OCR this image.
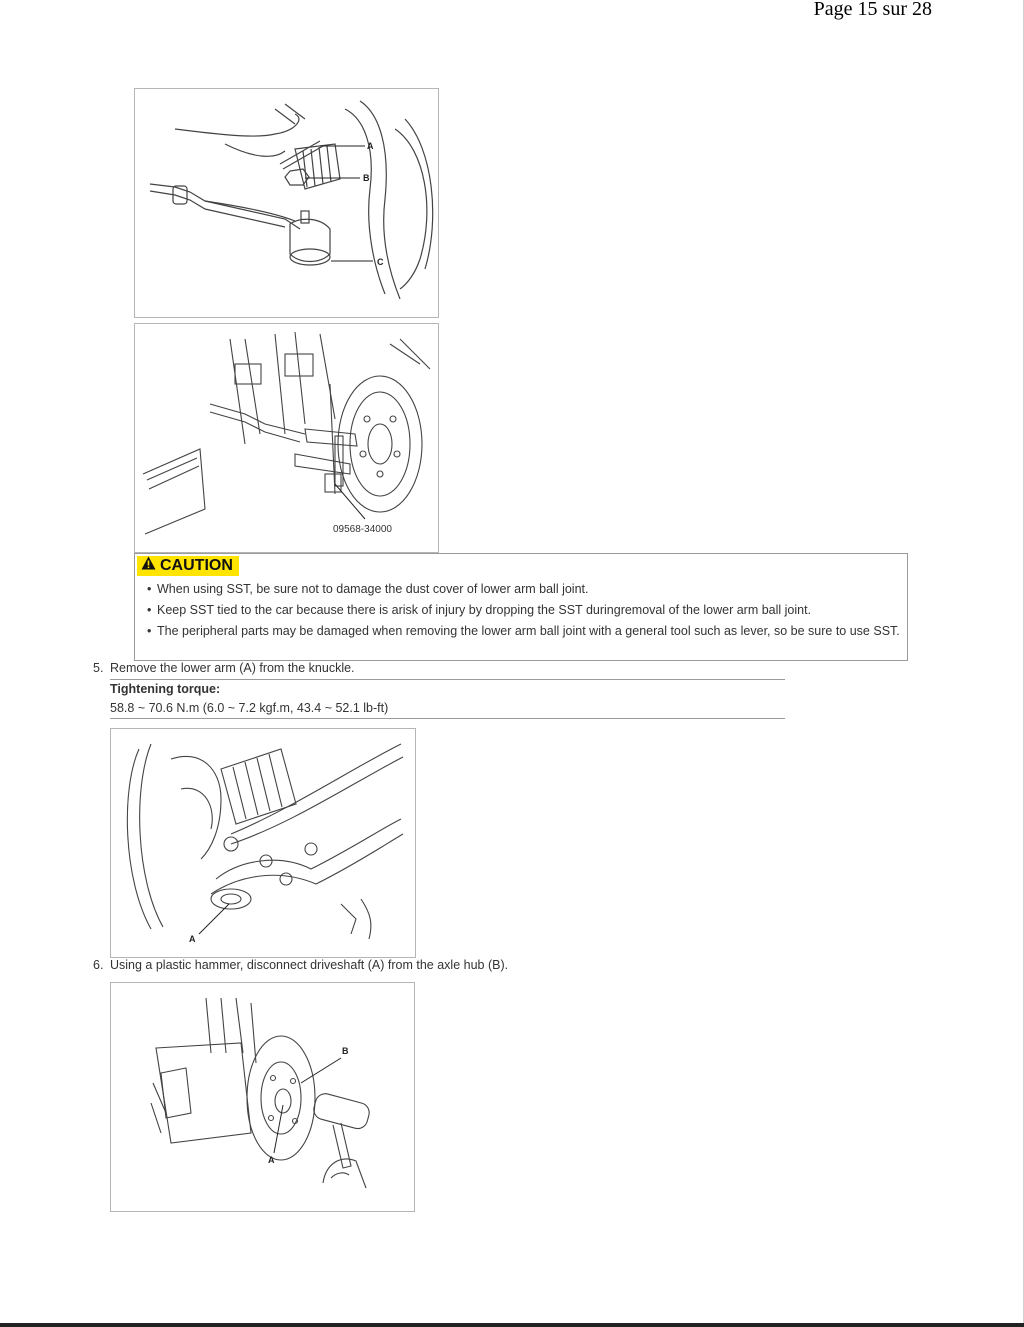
Page 15 sur 28
A
B
C
09568-34000
CAUTION
• When using SST, be sure not to damage the dust cover of lower arm ball joint.
• Keep SST tied to the car because there is arisk of injury by dropping the SST duringremoval of the lower arm ball joint.
• The peripheral parts may be damaged when removing the lower arm ball joint with a general tool such as lever, so be sure to use SST.
5. Remove the lower arm (A) from the knuckle.
Tightening torque:
58.8 ~ 70.6 N.m (6.0 ~ 7.2 kgf.m, 43.4 ~ 52.1 lb-ft)
A
6. Using a plastic hammer, disconnect driveshaft (A) from the axle hub (B).
B
A
